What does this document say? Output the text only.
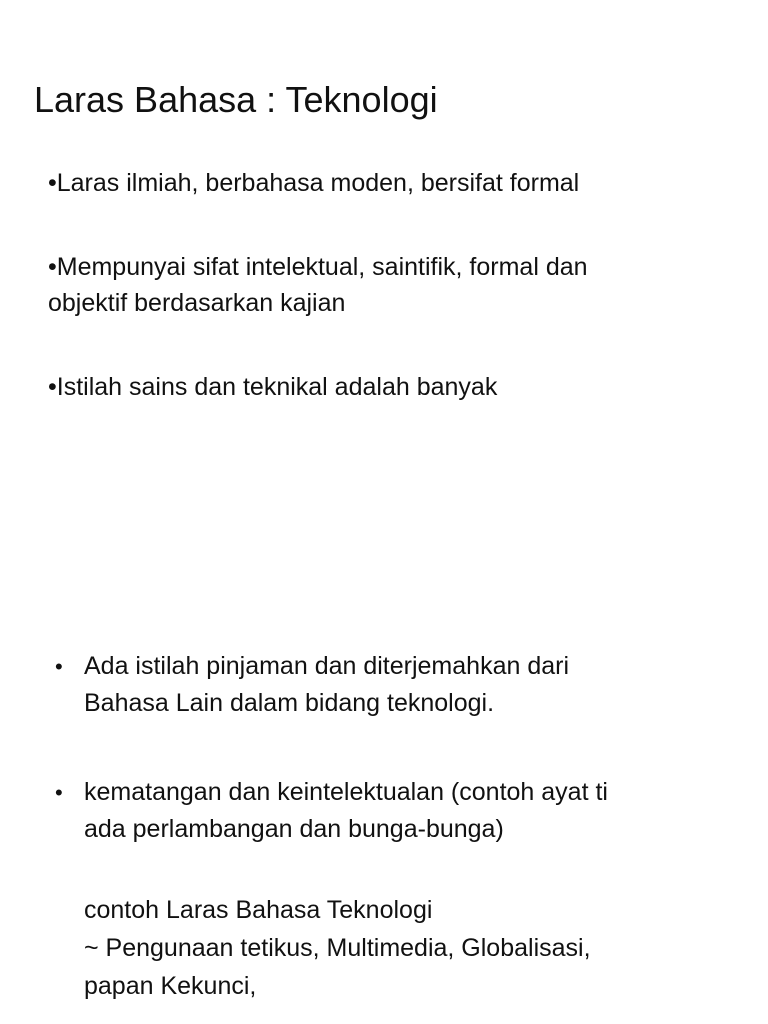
Laras Bahasa : Teknologi
•Laras ilmiah, berbahasa moden, bersifat formal
•Mempunyai sifat intelektual, saintifik, formal dan
objektif berdasarkan kajian
•Istilah sains dan teknikal adalah banyak
• Ada istilah pinjaman dan diterjemahkan dari
Bahasa Lain dalam bidang teknologi.
• kematangan dan keintelektualan (contoh ayat ti
ada perlambangan dan bunga-bunga)
contoh Laras Bahasa Teknologi
~ Pengunaan tetikus, Multimedia, Globalisasi,
papan Kekunci,
